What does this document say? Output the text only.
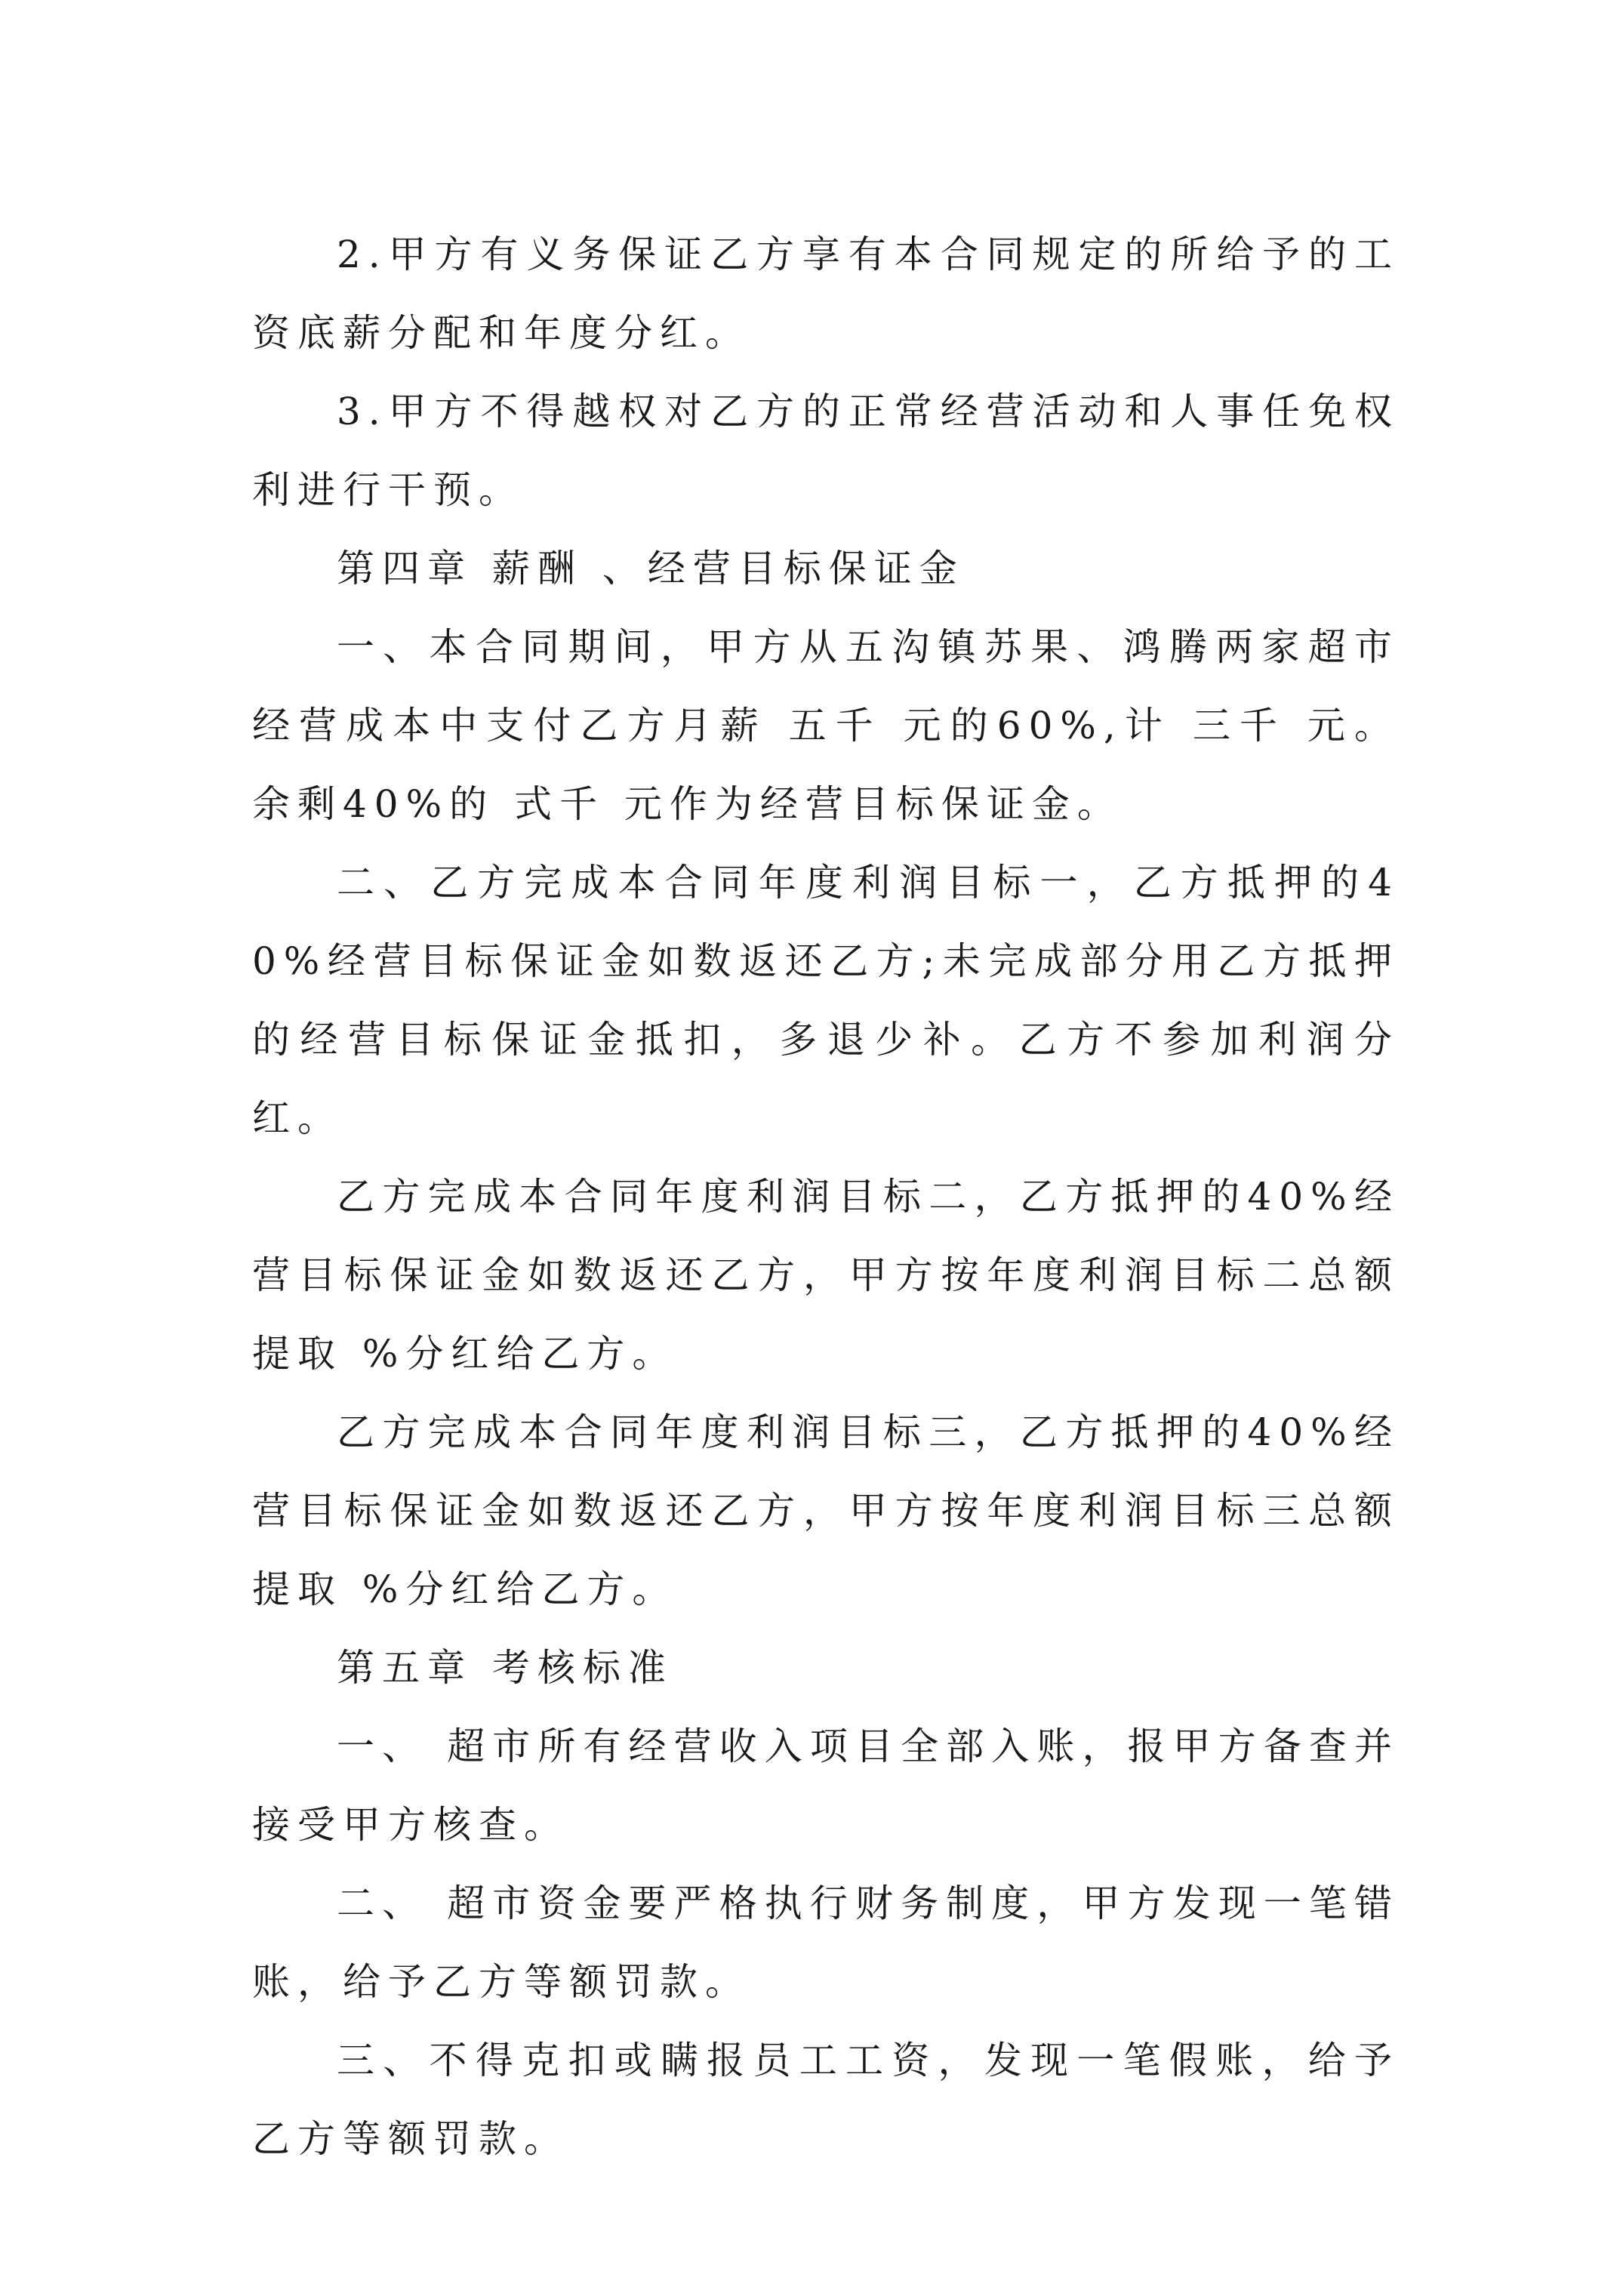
2.甲方有义务保证乙方享有本合同规定的所给予的工资底薪分配和年度分红。

3.甲方不得越权对乙方的正常经营活动和人事任免权利进行干预。

第四章 薪酬 、经营目标保证金

一、本合同期间，甲方从五沟镇苏果、鸿腾两家超市经营成本中支付乙方月薪 五千 元的60%,计 三千 元。余剩40%的 式千 元作为经营目标保证金。

二、乙方完成本合同年度利润目标一，乙方抵押的40%经营目标保证金如数返还乙方;未完成部分用乙方抵押的经营目标保证金抵扣，多退少补。乙方不参加利润分红。

乙方完成本合同年度利润目标二，乙方抵押的40%经营目标保证金如数返还乙方，甲方按年度利润目标二总额提取 %分红给乙方。

乙方完成本合同年度利润目标三，乙方抵押的40%经营目标保证金如数返还乙方，甲方按年度利润目标三总额提取 %分红给乙方。

第五章 考核标准

一、 超市所有经营收入项目全部入账，报甲方备查并接受甲方核查。

二、 超市资金要严格执行财务制度，甲方发现一笔错账，给予乙方等额罚款。

三、不得克扣或瞒报员工工资，发现一笔假账，给予乙方等额罚款。
